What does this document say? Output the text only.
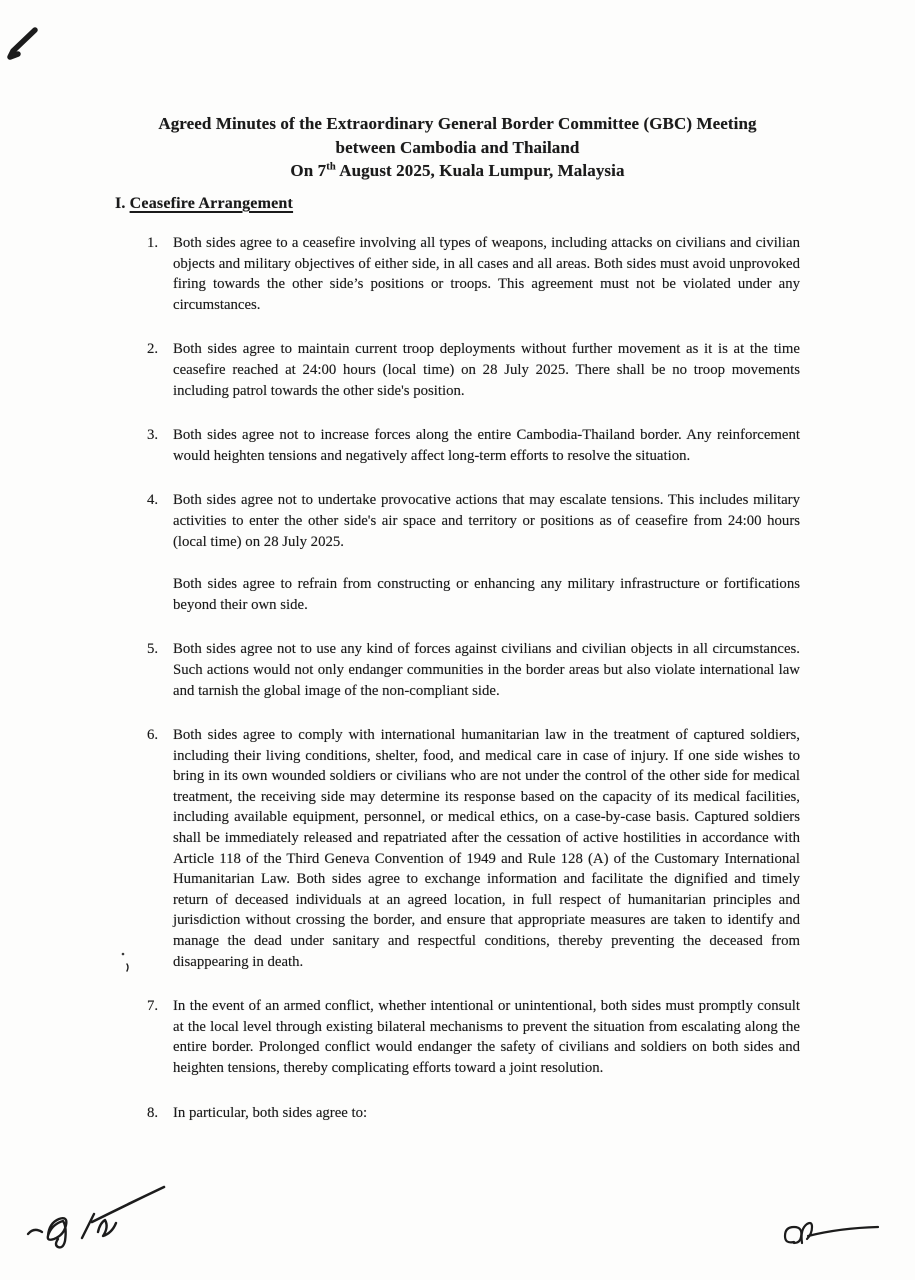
Agreed Minutes of the Extraordinary General Border Committee (GBC) Meeting
between Cambodia and Thailand
On 7th August 2025, Kuala Lumpur, Malaysia
I. Ceasefire Arrangement
1.	Both sides agree to a ceasefire involving all types of weapons, including attacks on civilians and civilian objects and military objectives of either side, in all cases and all areas. Both sides must avoid unprovoked firing towards the other side’s positions or troops. This agreement must not be violated under any circumstances.

2.	Both sides agree to maintain current troop deployments without further movement as it is at the time ceasefire reached at 24:00 hours (local time) on 28 July 2025. There shall be no troop movements including patrol towards the other side's position.

3.	Both sides agree not to increase forces along the entire Cambodia-Thailand border. Any reinforcement would heighten tensions and negatively affect long-term efforts to resolve the situation.

4.	Both sides agree not to undertake provocative actions that may escalate tensions. This includes military activities to enter the other side's air space and territory or positions as of ceasefire from 24:00 hours (local time) on 28 July 2025.

Both sides agree to refrain from constructing or enhancing any military infrastructure or fortifications beyond their own side.

5.	Both sides agree not to use any kind of forces against civilians and civilian objects in all circumstances. Such actions would not only endanger communities in the border areas but also violate international law and tarnish the global image of the non-compliant side.

6.	Both sides agree to comply with international humanitarian law in the treatment of captured soldiers, including their living conditions, shelter, food, and medical care in case of injury. If one side wishes to bring in its own wounded soldiers or civilians who are not under the control of the other side for medical treatment, the receiving side may determine its response based on the capacity of its medical facilities, including available equipment, personnel, or medical ethics, on a case-by-case basis. Captured soldiers shall be immediately released and repatriated after the cessation of active hostilities in accordance with Article 118 of the Third Geneva Convention of 1949 and Rule 128 (A) of the Customary International Humanitarian Law. Both sides agree to exchange information and facilitate the dignified and timely return of deceased individuals at an agreed location, in full respect of humanitarian principles and jurisdiction without crossing the border, and ensure that appropriate measures are taken to identify and manage the dead under sanitary and respectful conditions, thereby preventing the deceased from disappearing in death.

7.	In the event of an armed conflict, whether intentional or unintentional, both sides must promptly consult at the local level through existing bilateral mechanisms to prevent the situation from escalating along the entire border. Prolonged conflict would endanger the safety of civilians and soldiers on both sides and heighten tensions, thereby complicating efforts toward a joint resolution.

8.	In particular, both sides agree to:
